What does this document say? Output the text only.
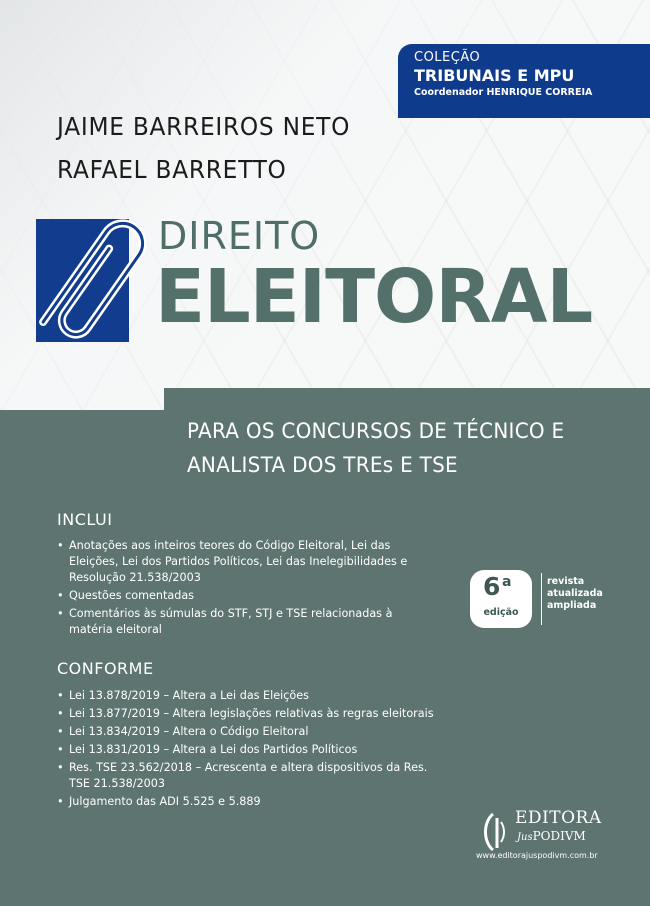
COLEÇÃO
TRIBUNAIS E MPU
Coordenador HENRIQUE CORREIA
JAIME BARREIROS NETO
RAFAEL BARRETTO
DIREITO
ELEITORAL
PARA OS CONCURSOS DE TÉCNICO E
ANALISTA DOS TREs E TSE
INCLUI
• Anotações aos inteiros teores do Código Eleitoral, Lei das Eleições, Lei dos Partidos Políticos, Lei das Inelegibilidades e Resolução 21.538/2003
• Questões comentadas
• Comentários às súmulas do STF, STJ e TSE relacionadas à matéria eleitoral
CONFORME
• Lei 13.878/2019 – Altera a Lei das Eleições
• Lei 13.877/2019 – Altera legislações relativas às regras eleitorais
• Lei 13.834/2019 – Altera o Código Eleitoral
• Lei 13.831/2019 – Altera a Lei dos Partidos Políticos
• Res. TSE 23.562/2018 – Acrescenta e altera dispositivos da Res. TSE 21.538/2003
• Julgamento das ADI 5.525 e 5.889
6 a
edição
revista
atualizada
ampliada
EDITORA
JusPODIVM
www.editorajuspodivm.com.br
